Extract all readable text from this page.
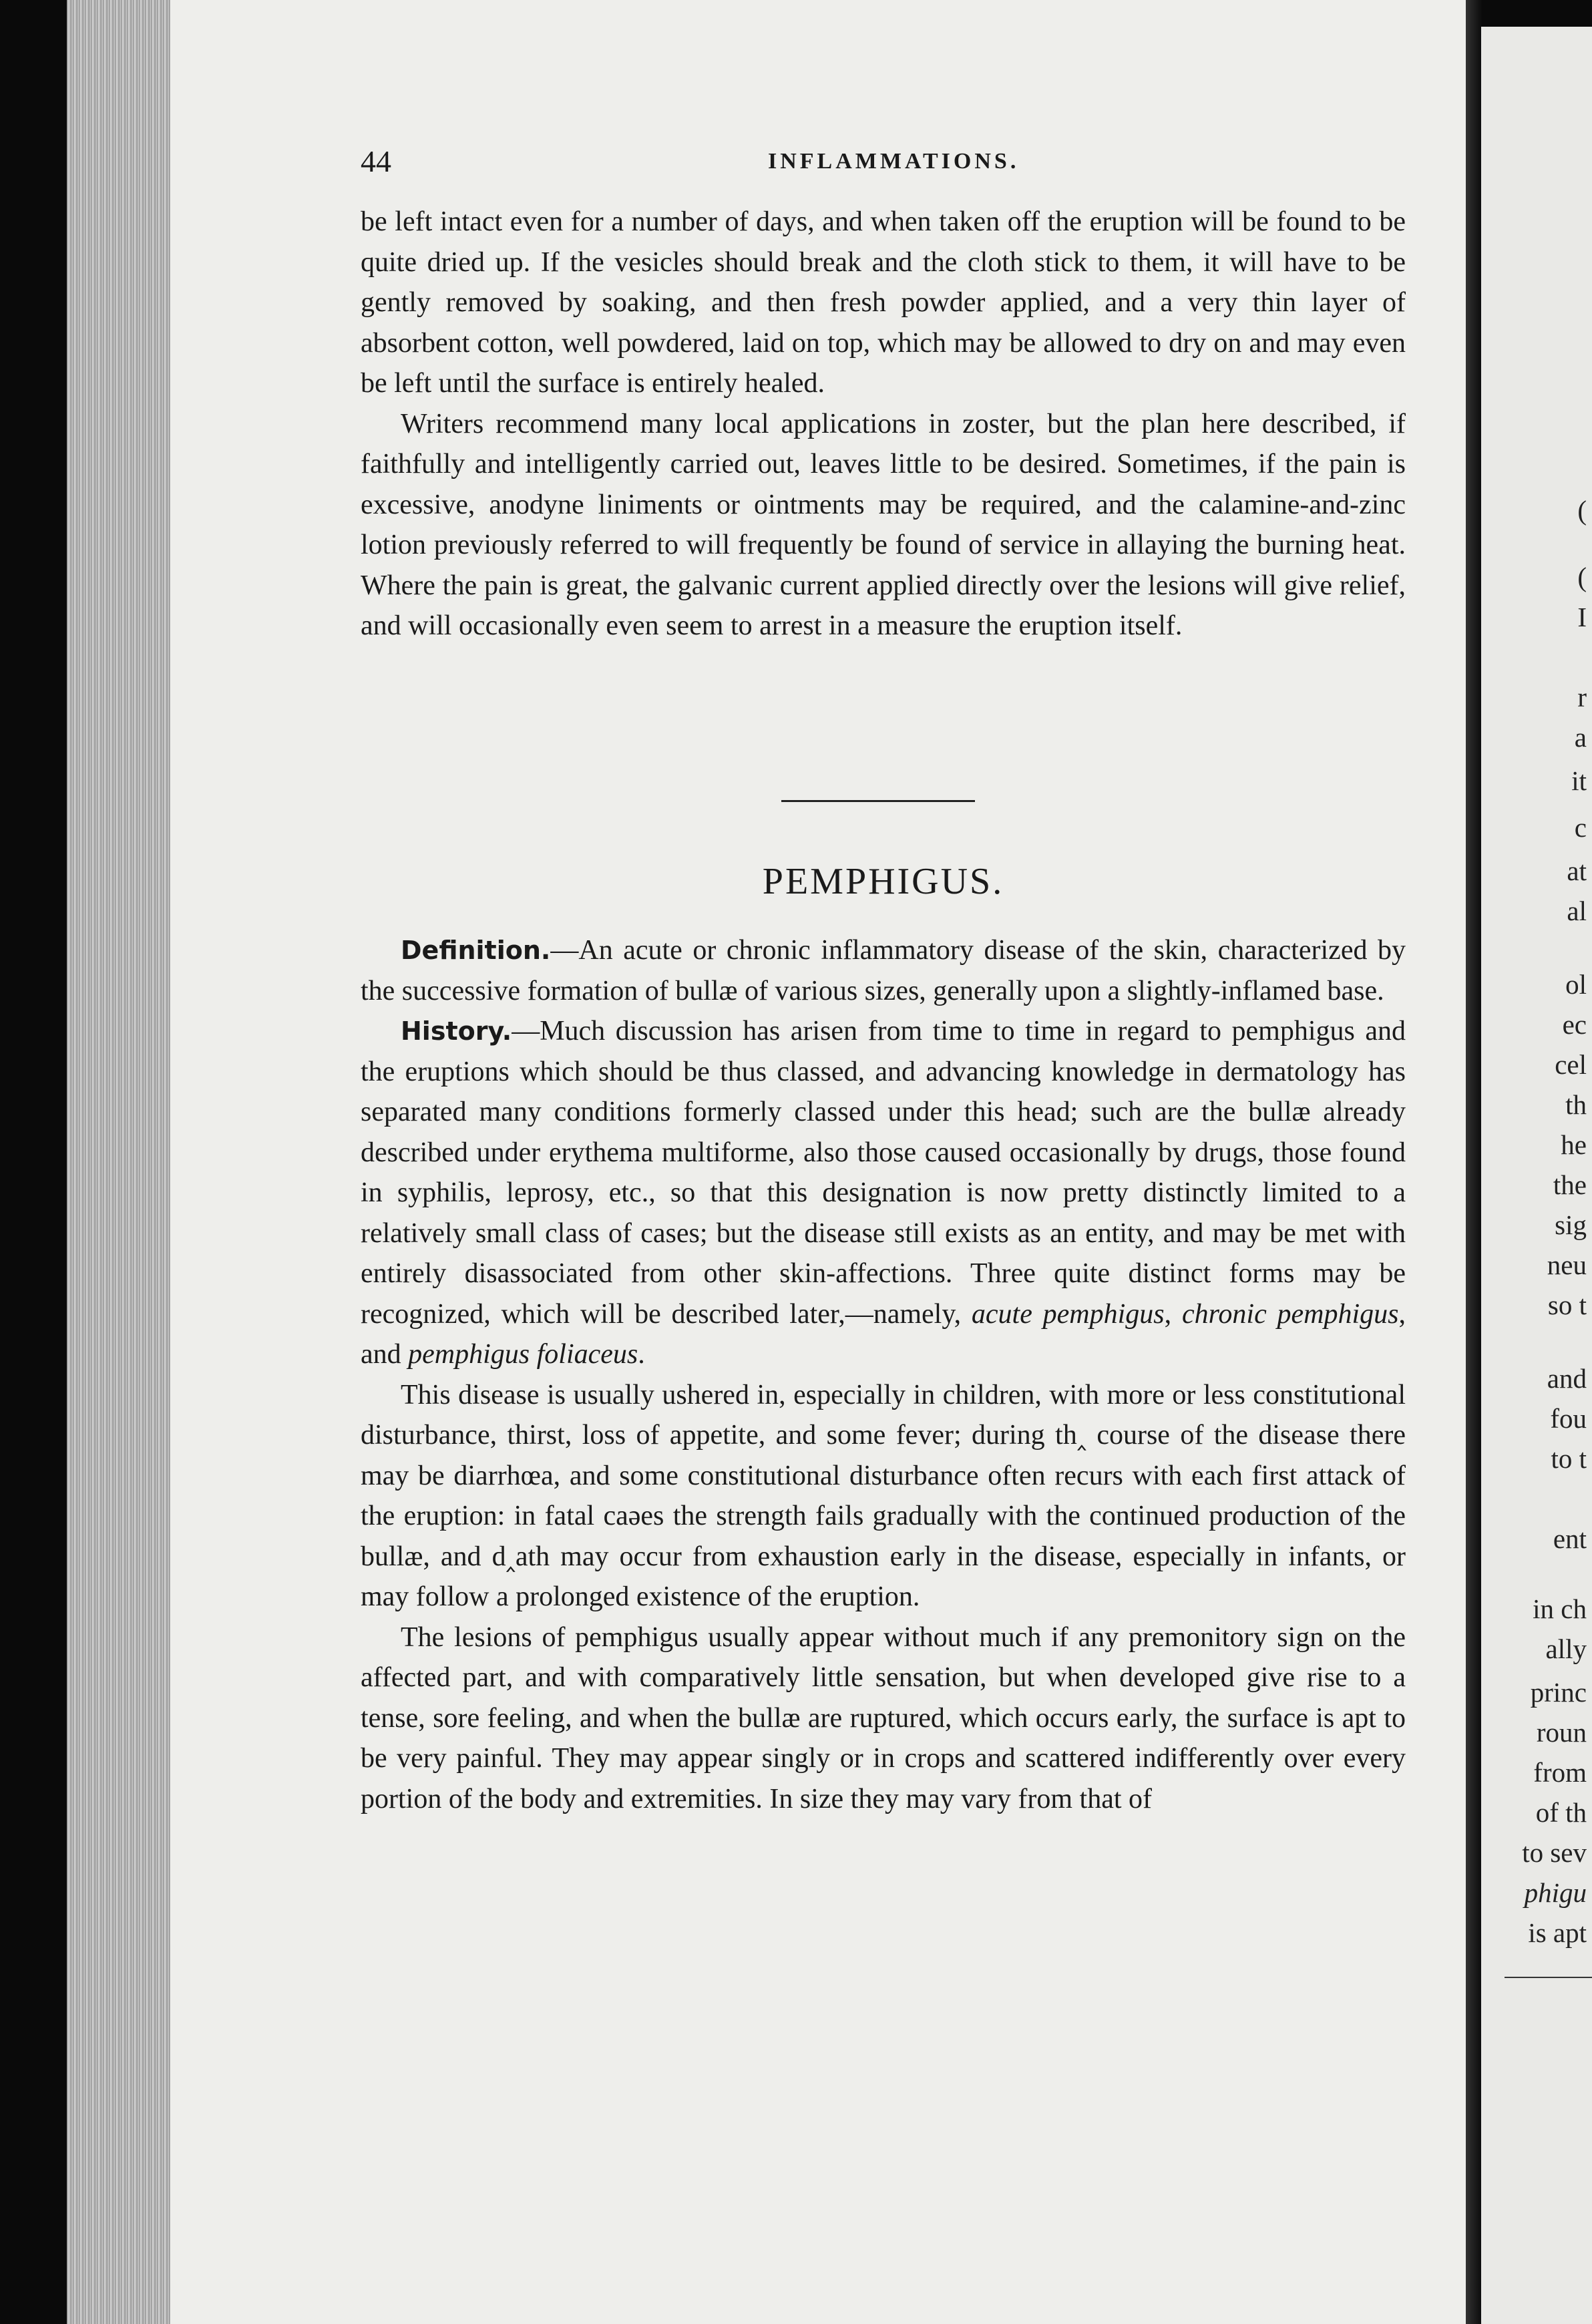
44	INFLAMMATIONS.

be left intact even for a number of days, and when taken off the eruption will be found to be quite dried up. If the vesicles should break and the cloth stick to them, it will have to be gently removed by soaking, and then fresh powder applied, and a very thin layer of absorbent cotton, well powdered, laid on top, which may be allowed to dry on and may even be left until the surface is entirely healed.

Writers recommend many local applications in zoster, but the plan here described, if faithfully and intelligently carried out, leaves little to be desired. Sometimes, if the pain is excessive, anodyne liniments or ointments may be required, and the calamine-and-zinc lotion previously referred to will frequently be found of service in allaying the burning heat. Where the pain is great, the galvanic current applied directly over the lesions will give relief, and will occasionally even seem to arrest in a measure the eruption itself.

PEMPHIGUS.

Definition.—An acute or chronic inflammatory disease of the skin, characterized by the successive formation of bullæ of various sizes, generally upon a slightly-inflamed base.

History.—Much discussion has arisen from time to time in regard to pemphigus and the eruptions which should be thus classed, and advancing knowledge in dermatology has separated many conditions formerly classed under this head; such are the bullæ already described under erythema multiforme, also those caused occasionally by drugs, those found in syphilis, leprosy, etc., so that this designation is now pretty distinctly limited to a relatively small class of cases; but the disease still exists as an entity, and may be met with entirely disassociated from other skin-affections. Three quite distinct forms may be recognized, which will be described later,—namely, acute pemphigus, chronic pemphigus, and pemphigus foliaceus.

This disease is usually ushered in, especially in children, with more or less constitutional disturbance, thirst, loss of appetite, and some fever; during th‸ course of the disease there may be diarrhœa, and some constitutional disturbance often recurs with each first attack of the eruption: in fatal caəes the strength fails gradually with the continued production of the bullæ, and d‸ath may occur from exhaustion early in the disease, especially in infants, or may follow a prolonged existence of the eruption.

The lesions of pemphigus usually appear without much if any premonitory sign on the affected part, and with comparatively little sensation, but when developed give rise to a tense, sore feeling, and when the bullæ are ruptured, which occurs early, the surface is apt to be very painful. They may appear singly or in crops and scattered indifferently over every portion of the body and extremities. In size they may vary from that of

(
(
I
r
a
it
c
at
al
ol
ec
cel
th
he
the
sig
neu
so t
and
fou
to t
ent
in ch
ally
princ
roun
from
of th
to sev
phigu
is apt
